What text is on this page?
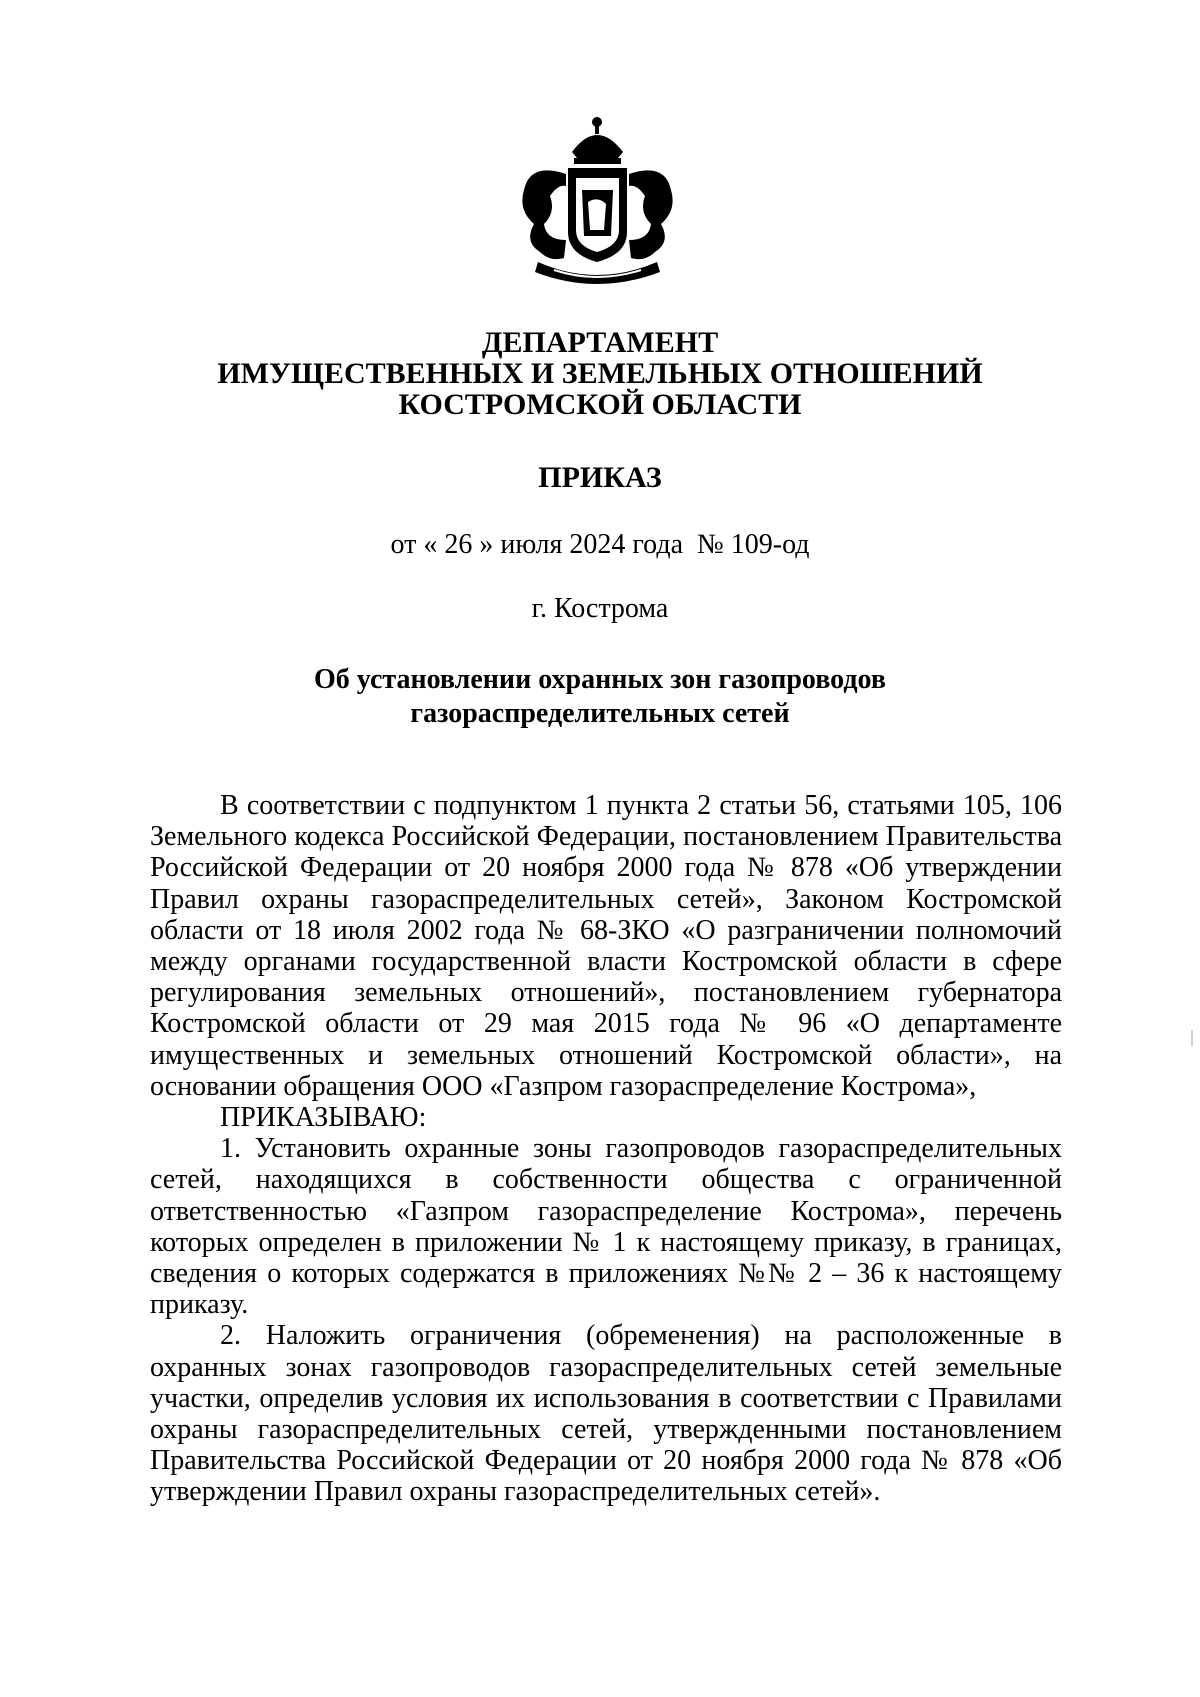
ДЕПАРТАМЕНТ
ИМУЩЕСТВЕННЫХ И ЗЕМЕЛЬНЫХ ОТНОШЕНИЙ
КОСТРОМСКОЙ ОБЛАСТИ
ПРИКАЗ
от « 26 » июля 2024 года  № 109-од
г. Кострома
Об установлении охранных зон газопроводов
газораспределительных сетей

В соответствии с подпунктом 1 пункта 2 статьи 56, статьями 105, 106 Земельного кодекса Российской Федерации, постановлением Правительства Российской Федерации от 20 ноября 2000 года № 878 «Об утверждении Правил охраны газораспределительных сетей», Законом Костромской области от 18 июля 2002 года № 68-ЗКО «О разграничении полномочий между органами государственной власти Костромской области в сфере регулирования земельных отношений», постановлением губернатора Костромской области от 29 мая 2015 года № 96 «О департаменте имущественных и земельных отношений Костромской области», на основании обращения ООО «Газпром газораспределение Кострома»,

ПРИКАЗЫВАЮ:

1. Установить охранные зоны газопроводов газораспределительных сетей, находящихся в собственности общества с ограниченной ответственностью «Газпром газораспределение Кострома», перечень которых определен в приложении № 1 к настоящему приказу, в границах, сведения о которых содержатся в приложениях №№ 2 – 36 к настоящему приказу.

2. Наложить ограничения (обременения) на расположенные в охранных зонах газопроводов газораспределительных сетей земельные участки, определив условия их использования в соответствии с Правилами охраны газораспределительных сетей, утвержденными постановлением Правительства Российской Федерации от 20 ноября 2000 года № 878 «Об утверждении Правил охраны газораспределительных сетей».
